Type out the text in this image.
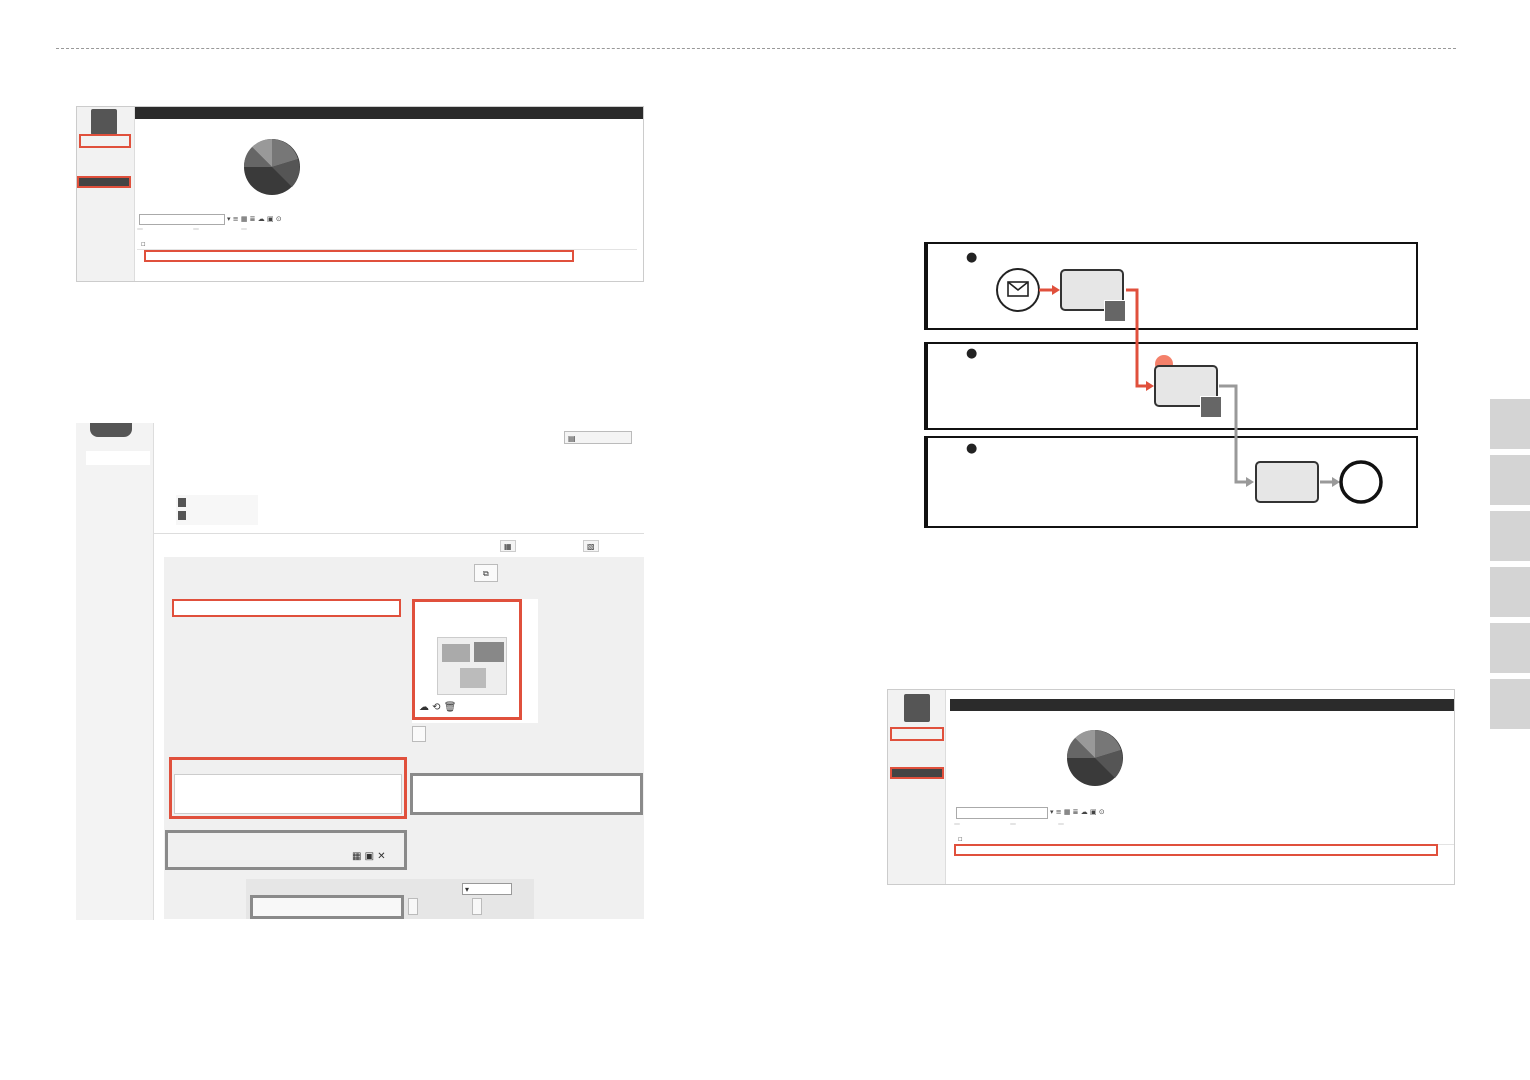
▾ ≡ ▦ ≣ ☁ ▣ ⊙
☐
▤
■
■
▦	▧
⧉
☁ ⟲ 🗑
▦ ▣ ✕
▾
●
●
●
▾ ≡ ▦ ≣ ☁ ▣ ⊙
☐
